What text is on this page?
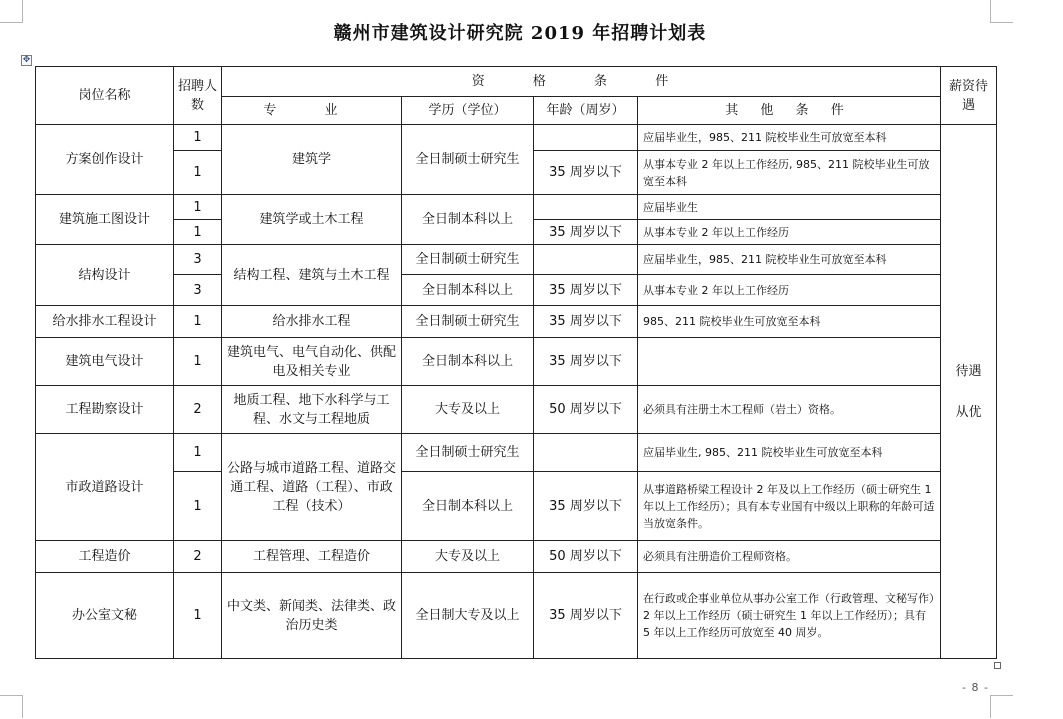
✥
赣州市建筑设计研究院 2019 年招聘计划表
岗位名称	招聘人数	资 格 条 件				薪资待遇
		专 业	学历（学位）	年龄（周岁）	其 他 条 件	
方案创作设计	1	建筑学	全日制硕士研究生		应届毕业生，985、211 院校毕业生可放宽至本科	待遇
从优

	1			35 周岁以下	从事本专业 2 年以上工作经历, 985、211 院校毕业生可放宽至本科	
建筑施工图设计	1	建筑学或土木工程	全日制本科以上		应届毕业生	
	1			35 周岁以下	从事本专业 2 年以上工作经历	
结构设计	3	结构工程、建筑与土木工程	全日制硕士研究生		应届毕业生，985、211 院校毕业生可放宽至本科	
	3		全日制本科以上	35 周岁以下	从事本专业 2 年以上工作经历	
给水排水工程设计	1	给水排水工程	全日制硕士研究生	35 周岁以下	985、211 院校毕业生可放宽至本科	
建筑电气设计	1	建筑电气、电气自动化、供配电及相关专业	全日制本科以上	35 周岁以下		
工程勘察设计	2	地质工程、地下水科学与工程、水文与工程地质	大专及以上	50 周岁以下	必须具有注册土木工程师（岩土）资格。	
市政道路设计	1	公路与城市道路工程、道路交通工程、道路（工程）、市政工程（技术）	全日制硕士研究生		应届毕业生, 985、211 院校毕业生可放宽至本科	
	1		全日制本科以上	35 周岁以下	从事道路桥梁工程设计 2 年及以上工作经历（硕士研究生 1 年以上工作经历）；具有本专业国有中级以上职称的年龄可适当放宽条件。	
工程造价	2	工程管理、工程造价	大专及以上	50 周岁以下	必须具有注册造价工程师资格。	
办公室文秘	1	中文类、新闻类、法律类、政治历史类	全日制大专及以上	35 周岁以下	在行政或企事业单位从事办公室工作（行政管理、文秘写作）2 年以上工作经历（硕士研究生 1 年以上工作经历）；具有 5 年以上工作经历可放宽至 40 周岁。	
- 8 -
